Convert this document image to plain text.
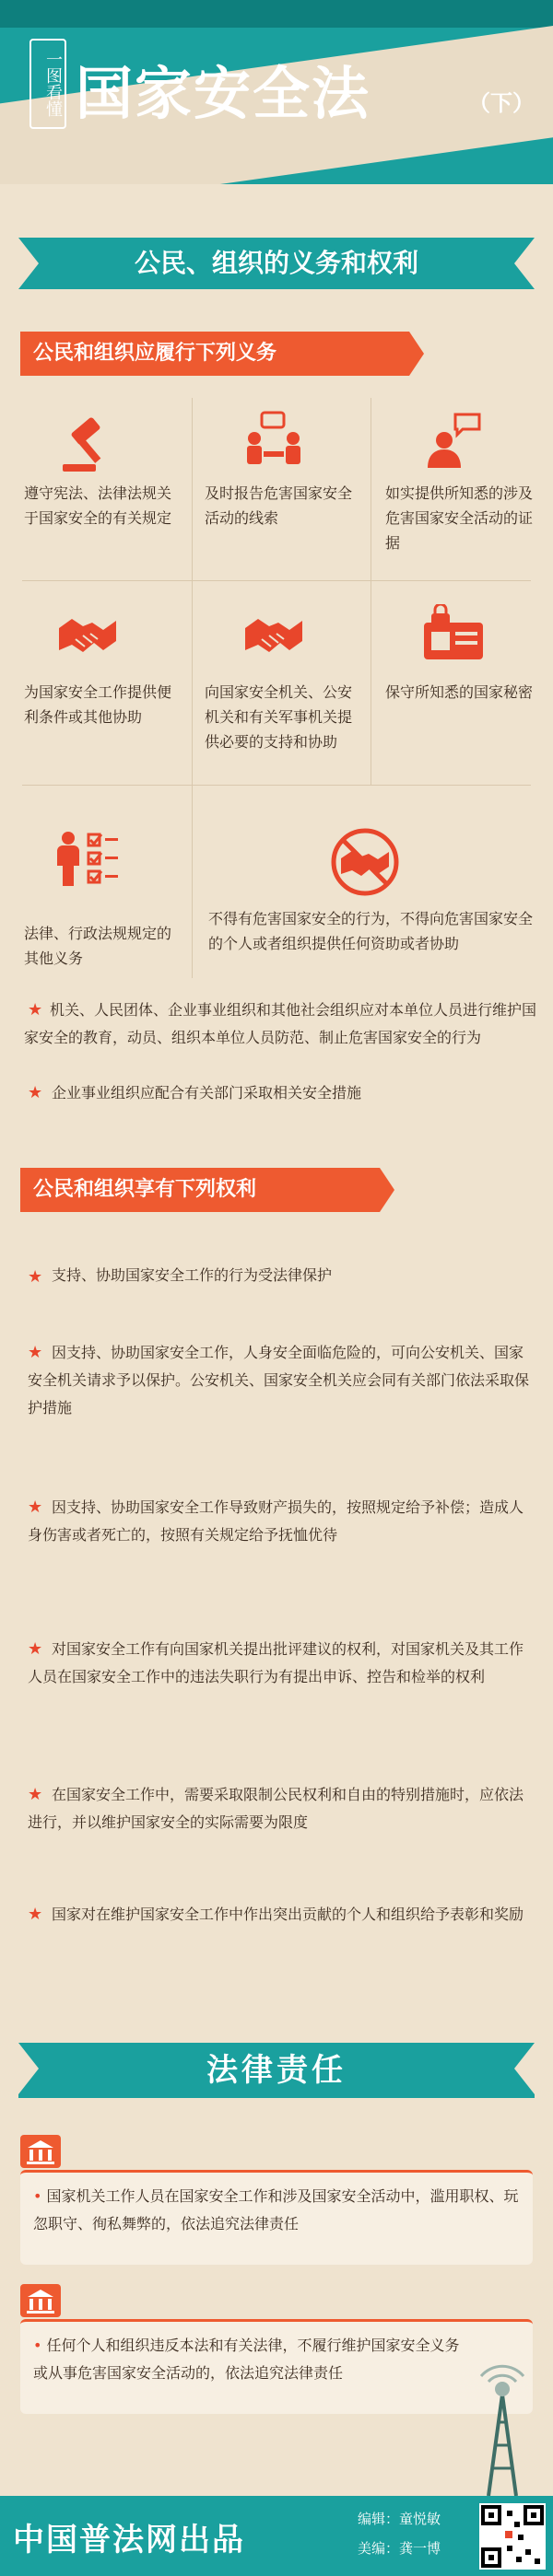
一图看懂 国家安全法	（下）
公民、组织的义务和权利
公民和组织应履行下列义务
遵守宪法、法律法规关于国家安全的有关规定
及时报告危害国家安全活动的线索
如实提供所知悉的涉及危害国家安全活动的证据
为国家安全工作提供便利条件或其他协助
向国家安全机关、公安机关和有关军事机关提供必要的支持和协助
保守所知悉的国家秘密
法律、行政法规规定的其他义务
不得有危害国家安全的行为，不得向危害国家安全的个人或者组织提供任何资助或者协助
★ 机关、人民团体、企业事业组织和其他社会组织应对本单位人员进行维护国家安全的教育，动员、组织本单位人员防范、制止危害国家安全的行为
★ 企业事业组织应配合有关部门采取相关安全措施
公民和组织享有下列权利
★ 支持、协助国家安全工作的行为受法律保护
★ 因支持、协助国家安全工作，人身安全面临危险的，可向公安机关、国家安全机关请求予以保护。公安机关、国家安全机关应会同有关部门依法采取保护措施
★ 因支持、协助国家安全工作导致财产损失的，按照规定给予补偿；造成人身伤害或者死亡的，按照有关规定给予抚恤优待
★ 对国家安全工作有向国家机关提出批评建议的权利，对国家机关及其工作人员在国家安全工作中的违法失职行为有提出申诉、控告和检举的权利
★ 在国家安全工作中，需要采取限制公民权利和自由的特别措施时，应依法进行，并以维护国家安全的实际需要为限度
★ 国家对在维护国家安全工作中作出突出贡献的个人和组织给予表彰和奖励
法律责任
• 国家机关工作人员在国家安全工作和涉及国家安全活动中，滥用职权、玩忽职守、徇私舞弊的，依法追究法律责任
• 任何个人和组织违反本法和有关法律，不履行维护国家安全义务或从事危害国家安全活动的，依法追究法律责任
中国普法网出品
编辑：童悦敏
美编：龚一博
